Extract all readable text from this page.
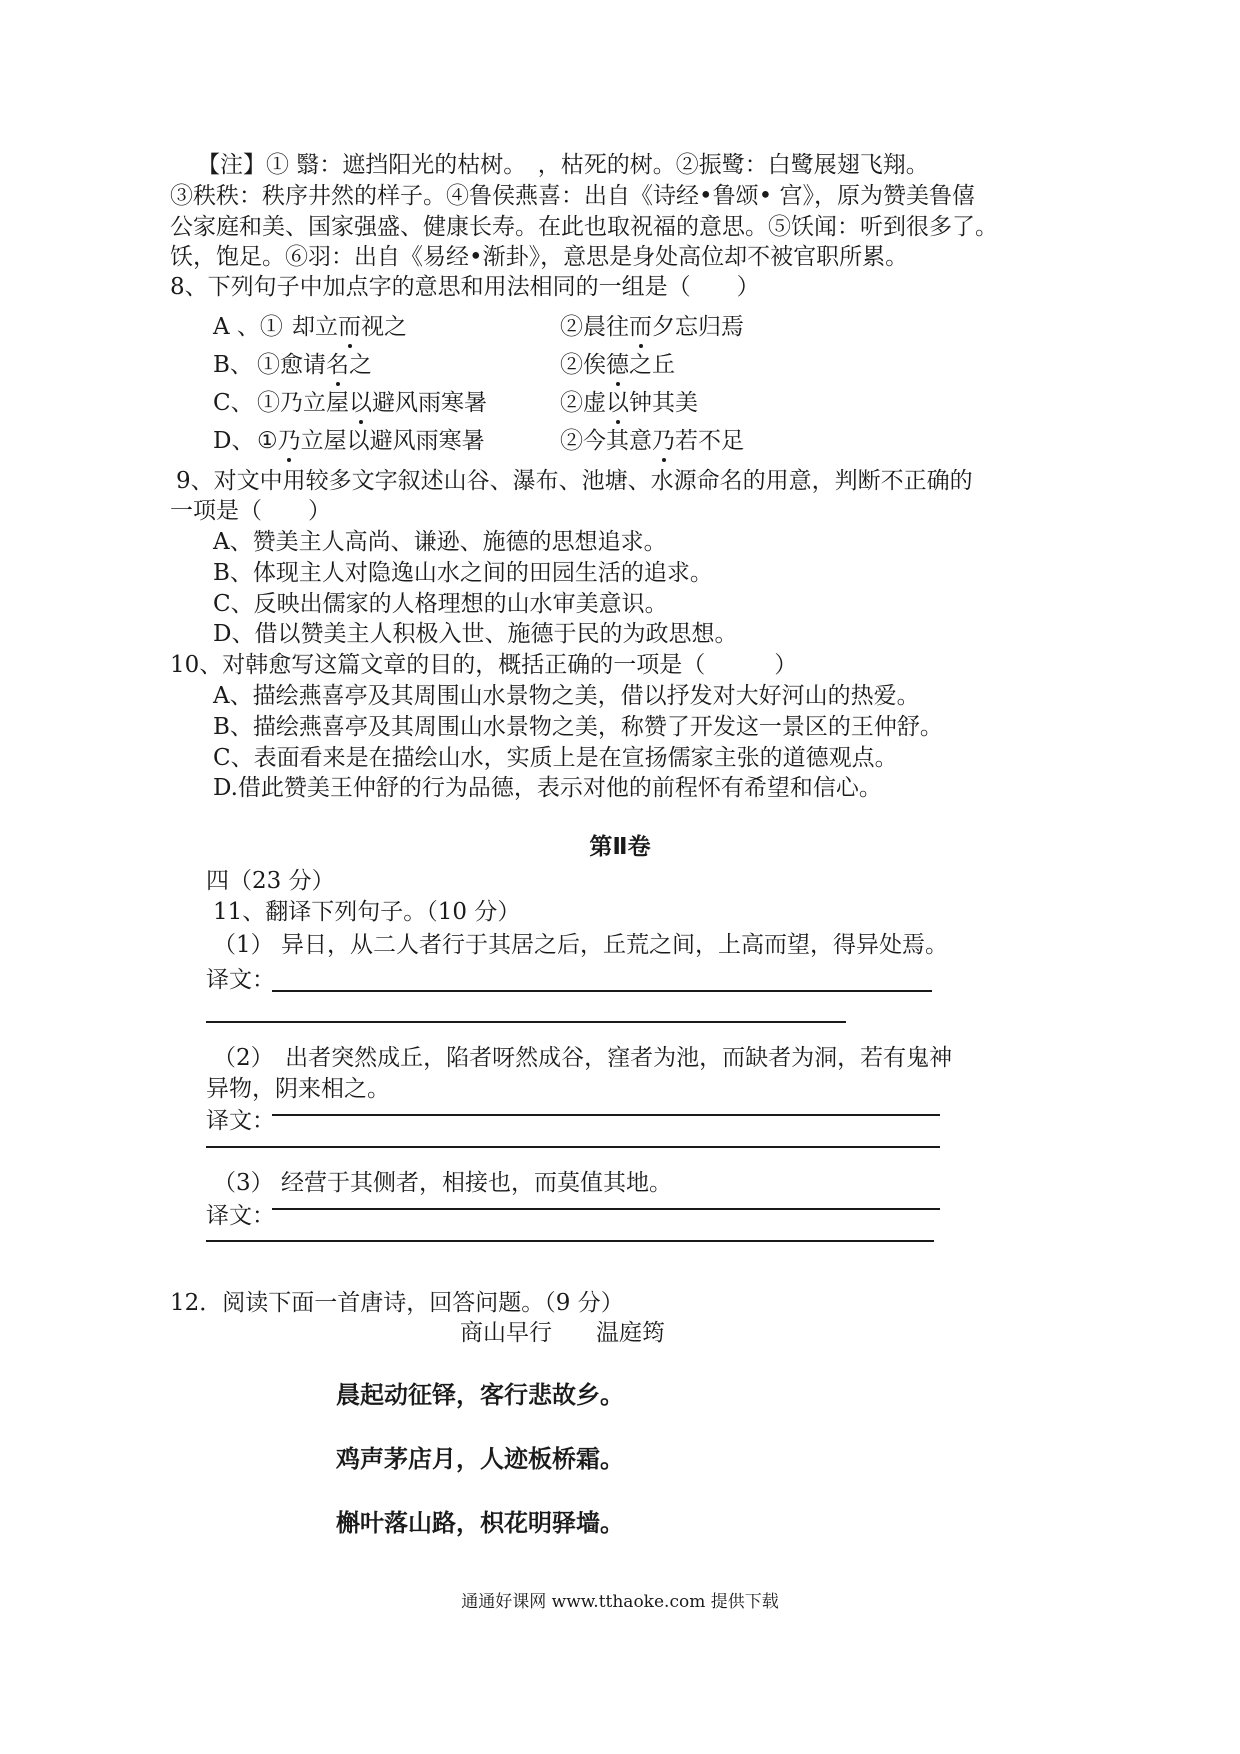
【注】① 翳：遮挡阳光的枯树。　，枯死的树。②振鹭：白鹭展翅飞翔。
③秩秩：秩序井然的样子。④鲁侯燕喜：出自《诗经•鲁颂• 宫》，原为赞美鲁僖
公家庭和美、国家强盛、健康长寿。在此也取祝福的意思。⑤饫闻：听到很多了。
饫，饱足。⑥羽：出自《易经•渐卦》，意思是身处高位却不被官职所累。
8、下列句子中加点字的意思和用法相同的一组是（　　）
A 、① 却立而视之	②晨往而夕忘归焉
B、 ①愈请名之	②俟德之丘
C、 ①乃立屋以避风雨寒暑	②虚以钟其美
D、 ①乃立屋以避风雨寒暑	②今其意乃若不足
9、对文中用较多文字叙述山谷、瀑布、池塘、水源命名的用意，判断不正确的
一项是（　　）
A、赞美主人高尚、谦逊、施德的思想追求。
B、体现主人对隐逸山水之间的田园生活的追求。
C、反映出儒家的人格理想的山水审美意识。
D、借以赞美主人积极入世、施德于民的为政思想。
10、对韩愈写这篇文章的目的，概括正确的一项是（　　　）
A、描绘燕喜亭及其周围山水景物之美，借以抒发对大好河山的热爱。
B、描绘燕喜亭及其周围山水景物之美，称赞了开发这一景区的王仲舒。
C、表面看来是在描绘山水，实质上是在宣扬儒家主张的道德观点。
D.借此赞美王仲舒的行为品德，表示对他的前程怀有希望和信心。
第Ⅱ卷
四（23 分）
11、翻译下列句子。（10 分）
（1） 异日，从二人者行于其居之后，丘荒之间，上高而望，得异处焉。
译文：
（2）　出者突然成丘，陷者呀然成谷，窪者为池，而缺者为洞，若有鬼神
异物，阴来相之。
译文：
（3） 经营于其侧者，相接也，而莫值其地。
译文：
12．阅读下面一首唐诗，回答问题。（9 分）
商山早行 温庭筠
晨起动征铎，客行悲故乡。
鸡声茅店月，人迹板桥霜。
槲叶落山路，枳花明驿墙。
通通好课网 www.tthaoke.com 提供下载
